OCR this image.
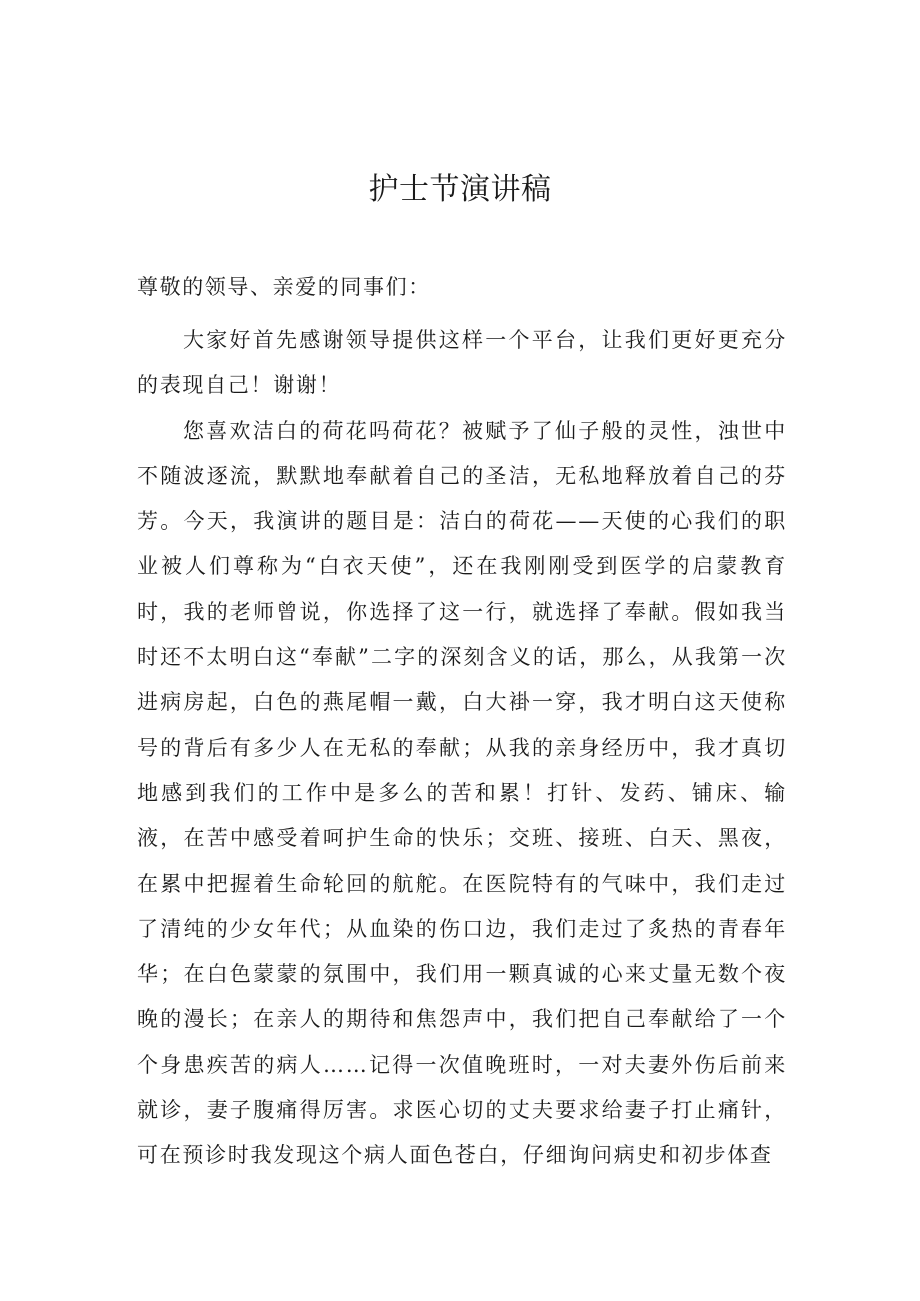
护士节演讲稿

尊敬的领导、亲爱的同事们：

大家好首先感谢领导提供这样一个平台，让我们更好更充分的表现自己！谢谢！

您喜欢洁白的荷花吗荷花？被赋予了仙子般的灵性，浊世中不随波逐流，默默地奉献着自己的圣洁，无私地释放着自己的芬芳。今天，我演讲的题目是：洁白的荷花——天使的心我们的职业被人们尊称为“白衣天使”，还在我刚刚受到医学的启蒙教育时，我的老师曾说，你选择了这一行，就选择了奉献。假如我当时还不太明白这“奉献”二字的深刻含义的话，那么，从我第一次进病房起，白色的燕尾帽一戴，白大褂一穿，我才明白这天使称号的背后有多少人在无私的奉献；从我的亲身经历中，我才真切地感到我们的工作中是多么的苦和累！打针、发药、铺床、输液，在苦中感受着呵护生命的快乐；交班、接班、白天、黑夜，在累中把握着生命轮回的航舵。在医院特有的气味中，我们走过了清纯的少女年代；从血染的伤口边，我们走过了炙热的青春年华；在白色蒙蒙的氛围中，我们用一颗真诚的心来丈量无数个夜晚的漫长；在亲人的期待和焦怨声中，我们把自己奉献给了一个个身患疾苦的病人……记得一次值晚班时，一对夫妻外伤后前来就诊，妻子腹痛得厉害。求医心切的丈夫要求给妻子打止痛针，可在预诊时我发现这个病人面色苍白，仔细询问病史和初步体查
